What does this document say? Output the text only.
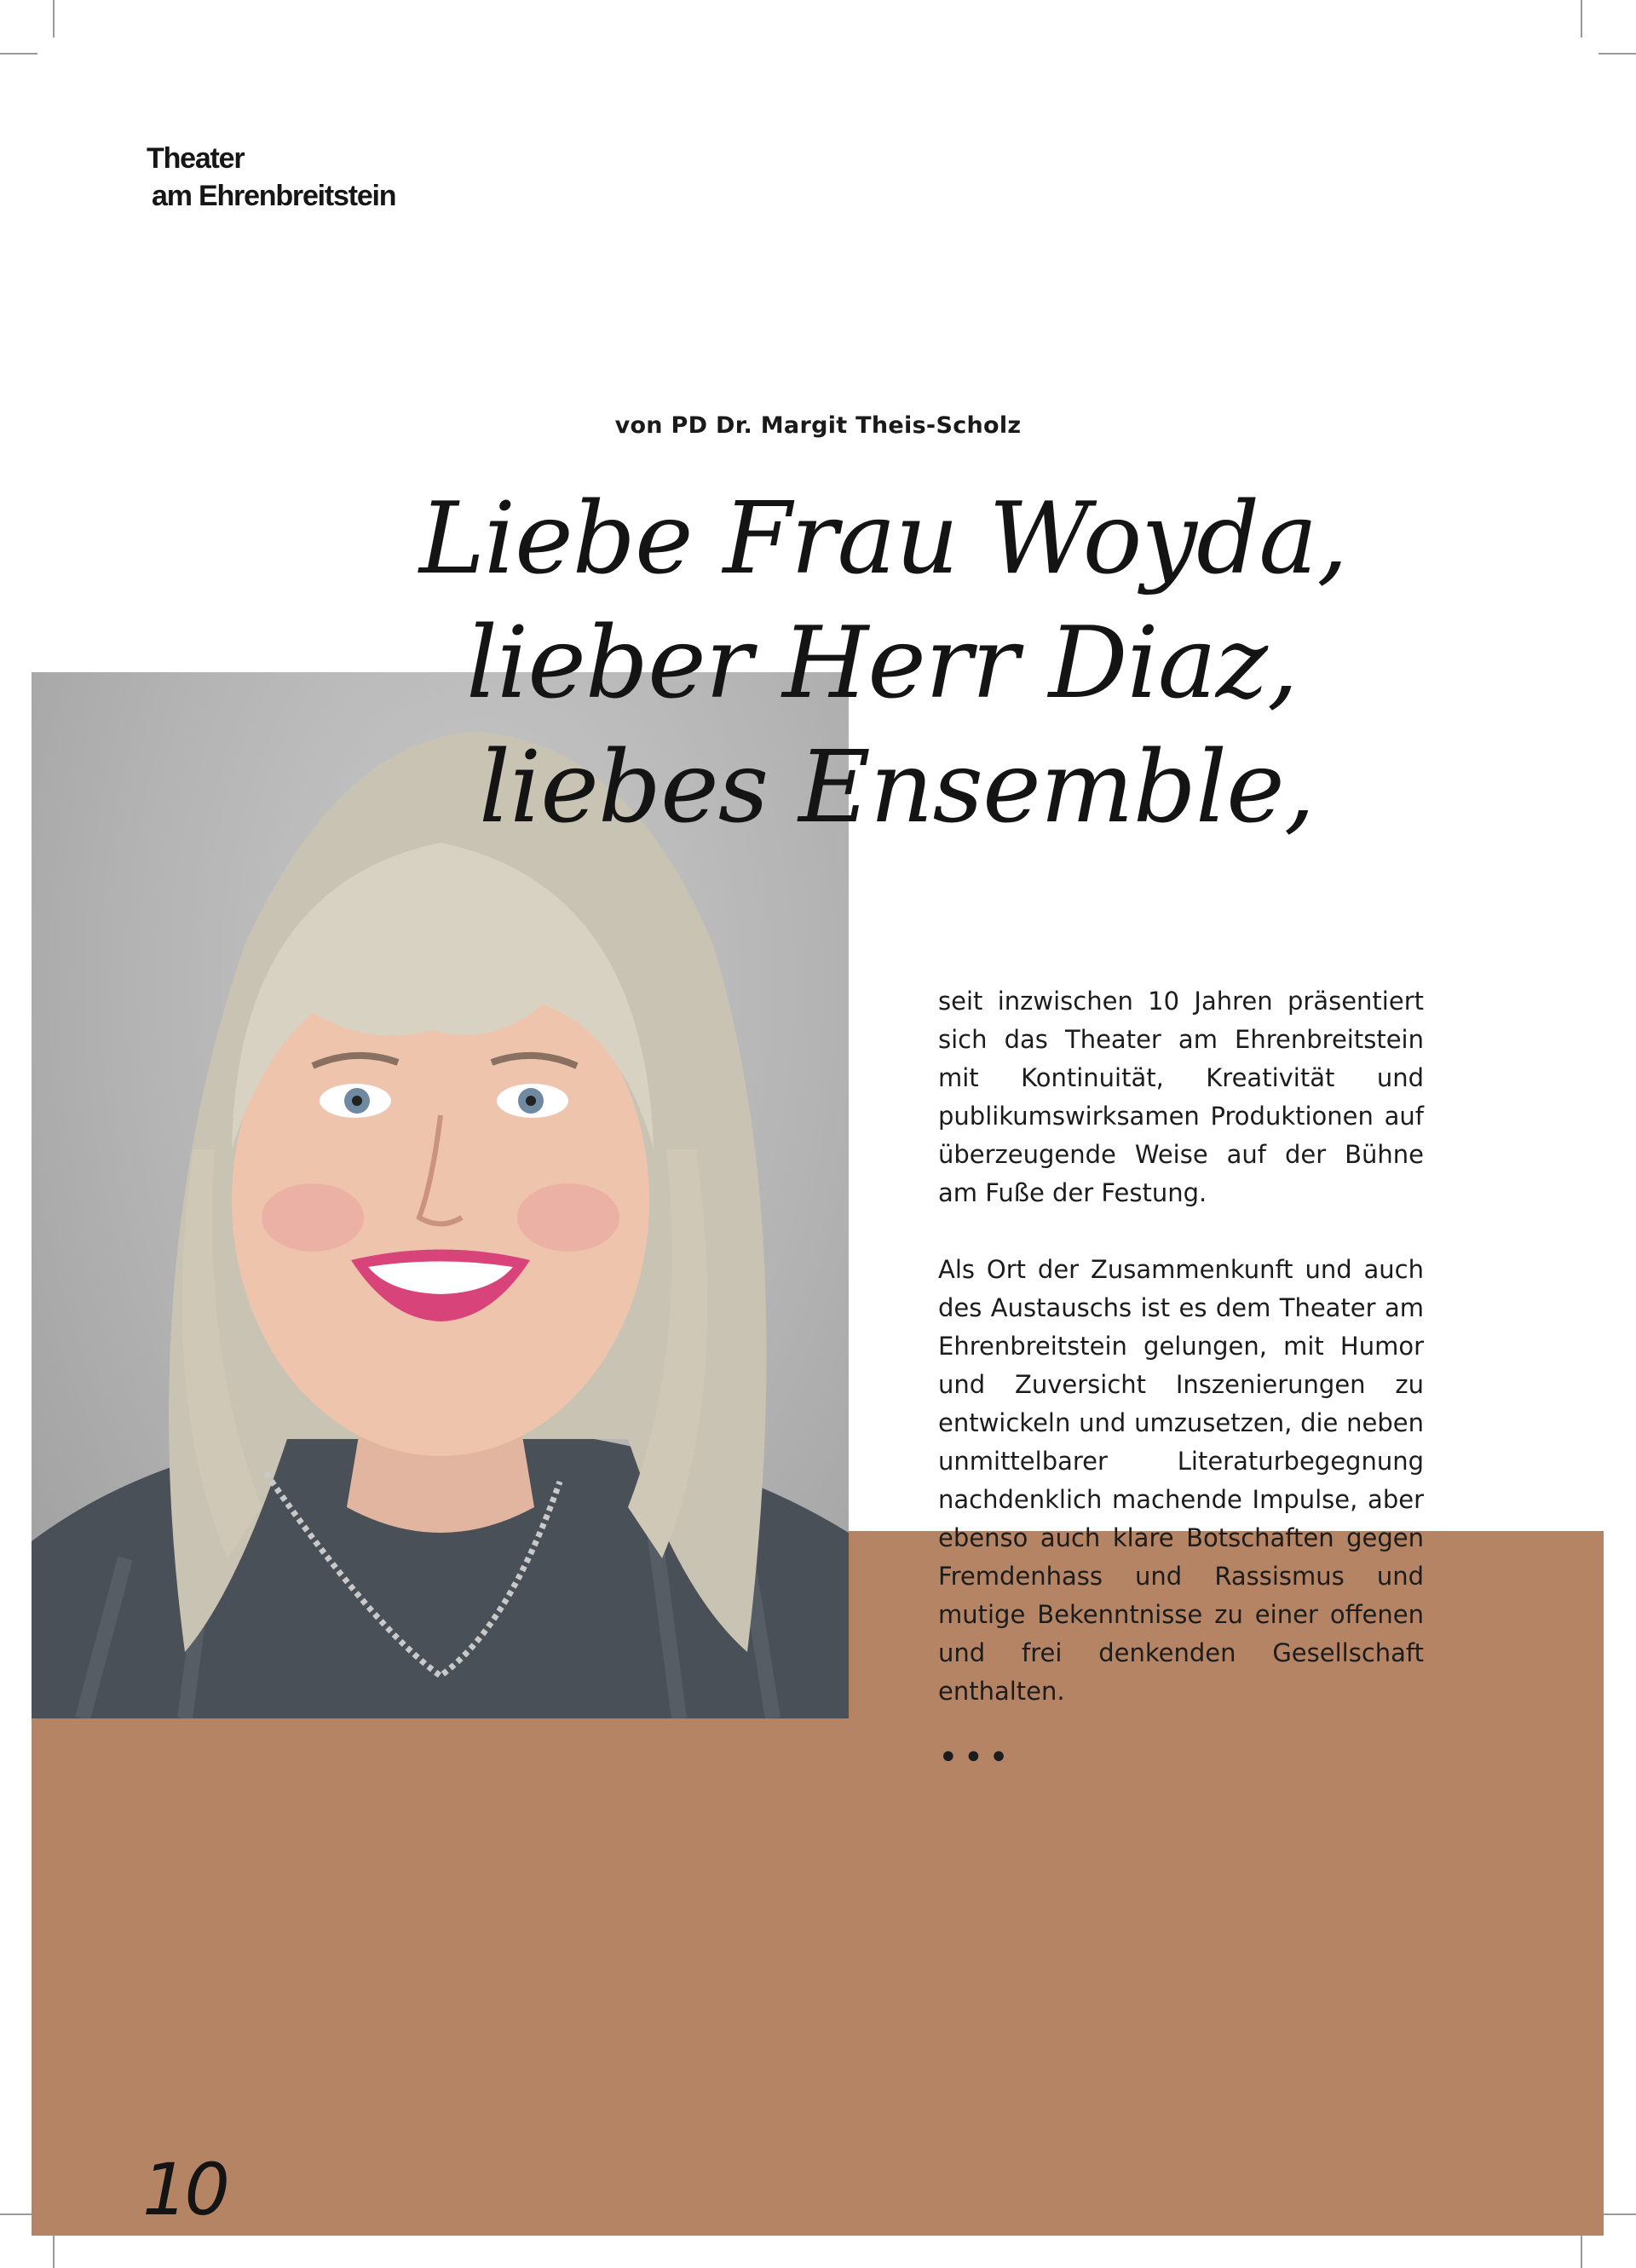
Theater
am Ehrenbreitstein
von PD Dr. Margit Theis-Scholz
Liebe Frau Woyda,
lieber Herr Diaz,
liebes Ensemble,

seit inzwischen 10 Jahren präsentiert sich das Theater am Ehrenbreitstein mit Kontinuität, Kreativität und publikumswirksamen Produktionen auf überzeugende Weise auf der Bühne am Fuße der Festung.

Als Ort der Zusammenkunft und auch des Austauschs ist es dem Theater am Ehrenbreitstein gelungen, mit Humor und Zuversicht Inszenierungen zu entwickeln und umzusetzen, die neben unmittelbarer Literaturbegegnung nachdenklich machende Impulse, aber ebenso auch klare Botschaften gegen Fremdenhass und Rassismus und mutige Bekenntnisse zu einer offenen und frei denkenden Gesellschaft enthalten.

•••
10
